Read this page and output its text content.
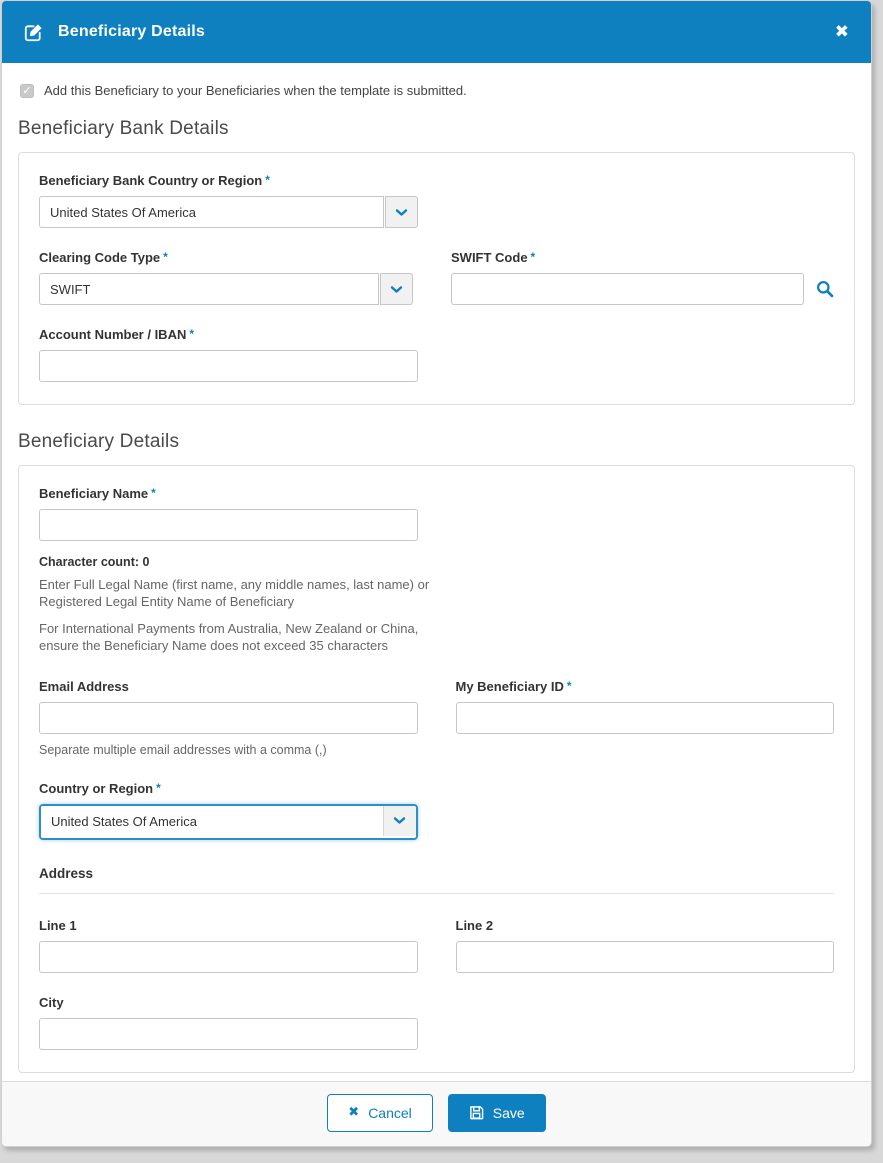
Beneficiary Details	✖
✓ Add this Beneficiary to your Beneficiaries when the template is submitted.
Beneficiary Bank Details
Beneficiary Bank Country or Region *
United States Of America
Clearing Code Type *
SWIFT
SWIFT Code *
Account Number / IBAN *
Beneficiary Details
Beneficiary Name *
Character count: 0

Enter Full Legal Name (first name, any middle names, last name) or Registered Legal Entity Name of Beneficiary

For International Payments from Australia, New Zealand or China, ensure the Beneficiary Name does not exceed 35 characters

Email Address
Separate multiple email addresses with a comma (,)
My Beneficiary ID *
Country or Region *
United States Of America
Address
Line 1	Line 2
City
✖ Cancel	Save
